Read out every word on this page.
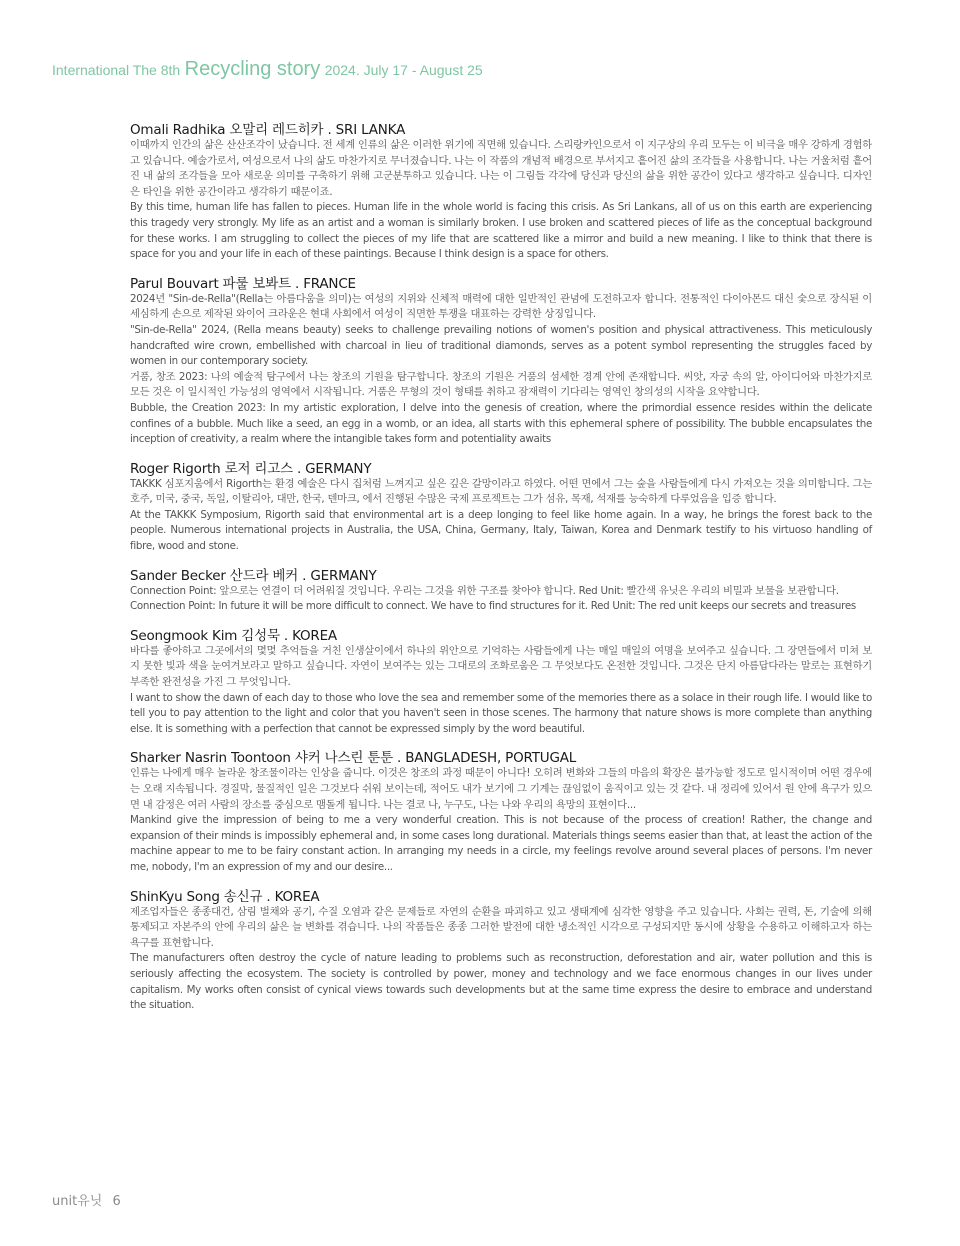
International The 8th Recycling story 2024. July 17 - August 25

Omali Radhika 오말리 레드히카 . SRI LANKA

이때까지 인간의 삶은 산산조각이 났습니다. 전 세계 인류의 삶은 이러한 위기에 직면해 있습니다. 스리랑카인으로서 이 지구상의 우리 모두는 이 비극을 매우 강하게 경험하고 있습니다. 예술가로서, 여성으로서 나의 삶도 마찬가지로 무너졌습니다. 나는 이 작품의 개념적 배경으로 부서지고 흩어진 삶의 조각들을 사용합니다. 나는 거울처럼 흩어진 내 삶의 조각들을 모아 새로운 의미를 구축하기 위해 고군분투하고 있습니다. 나는 이 그림들 각각에 당신과 당신의 삶을 위한 공간이 있다고 생각하고 싶습니다. 디자인은 타인을 위한 공간이라고 생각하기 때문이죠.

By this time, human life has fallen to pieces. Human life in the whole world is facing this crisis. As Sri Lankans, all of us on this earth are experiencing this tragedy very strongly. My life as an artist and a woman is similarly broken. I use broken and scattered pieces of life as the conceptual background for these works. I am struggling to collect the pieces of my life that are scattered like a mirror and build a new meaning. I like to think that there is space for you and your life in each of these paintings. Because I think design is a space for others.

Parul Bouvart 파룰 보봐트 . FRANCE

2024년 "Sin-de-Rella"(Rella는 아름다움을 의미)는 여성의 지위와 신체적 매력에 대한 일반적인 관념에 도전하고자 합니다. 전통적인 다이아몬드 대신 숯으로 장식된 이 세심하게 손으로 제작된 와이어 크라운은 현대 사회에서 여성이 직면한 투쟁을 대표하는 강력한 상징입니다.

"Sin-de-Rella" 2024, (Rella means beauty) seeks to challenge prevailing notions of women's position and physical attractiveness. This meticulously handcrafted wire crown, embellished with charcoal in lieu of traditional diamonds, serves as a potent symbol representing the struggles faced by women in our contemporary society.

거품, 창조 2023: 나의 예술적 탐구에서 나는 창조의 기원을 탐구합니다. 창조의 기원은 거품의 섬세한 경계 안에 존재합니다. 씨앗, 자궁 속의 알, 아이디어와 마찬가지로 모든 것은 이 일시적인 가능성의 영역에서 시작됩니다. 거품은 무형의 것이 형태를 취하고 잠재력이 기다리는 영역인 창의성의 시작을 요약합니다.

Bubble, the Creation 2023: In my artistic exploration, I delve into the genesis of creation, where the primordial essence resides within the delicate confines of a bubble. Much like a seed, an egg in a womb, or an idea, all starts with this ephemeral sphere of possibility. The bubble encapsulates the inception of creativity, a realm where the intangible takes form and potentiality awaits

Roger Rigorth 로저 리고스 . GERMANY

TAKKK 심포지움에서 Rigorth는 환경 예술은 다시 집처럼 느껴지고 싶은 깊은 갈망이라고 하였다. 어떤 면에서 그는 숲을 사람들에게 다시 가져오는 것을 의미합니다. 그는 호주, 미국, 중국, 독일, 이탈리아, 대만, 한국, 덴마크, 에서 진행된 수많은 국제 프로젝트는 그가 섬유, 목재, 석재를 능숙하게 다루었음을 입증 합니다.

At the TAKKK Symposium, Rigorth said that environmental art is a deep longing to feel like home again. In a way, he brings the forest back to the people. Numerous international projects in Australia, the USA, China, Germany, Italy, Taiwan, Korea and Denmark testify to his virtuoso handling of fibre, wood and stone.

Sander Becker 산드라 베커 . GERMANY

Connection Point: 앞으로는 연결이 더 어려워질 것입니다. 우리는 그것을 위한 구조를 찾아야 합니다. Red Unit: 빨간색 유닛은 우리의 비밀과 보물을 보관합니다.

Connection Point: In future it will be more difficult to connect. We have to find structures for it. Red Unit: The red unit keeps our secrets and treasures

Seongmook Kim 김성묵 . KOREA

바다를 좋아하고 그곳에서의 몇몇 추억들을 거친 인생살이에서 하나의 위안으로 기억하는 사람들에게 나는 매일 매일의 여명을 보여주고 싶습니다. 그 장면들에서 미쳐 보지 못한 빛과 색을 눈여겨보라고 말하고 싶습니다. 자연이 보여주는 있는 그대로의 조화로움은 그 무엇보다도 온전한 것입니다. 그것은 단지 아름답다라는 말로는 표현하기 부족한 완전성을 가진 그 무엇입니다.

I want to show the dawn of each day to those who love the sea and remember some of the memories there as a solace in their rough life. I would like to tell you to pay attention to the light and color that you haven't seen in those scenes. The harmony that nature shows is more complete than anything else. It is something with a perfection that cannot be expressed simply by the word beautiful.

Sharker Nasrin Toontoon 샤커 나스린 툰툰 . BANGLADESH, PORTUGAL

인류는 나에게 매우 놀라운 창조물이라는 인상을 줍니다. 이것은 창조의 과정 때문이 아니다! 오히려 변화와 그들의 마음의 확장은 불가능할 정도로 일시적이며 어떤 경우에는 오래 지속됩니다. 경질막, 물질적인 일은 그것보다 쉬워 보이는데, 적어도 내가 보기에 그 기계는 끊임없이 움직이고 있는 것 같다. 내 정리에 있어서 원 안에 욕구가 있으면 내 감정은 여러 사람의 장소를 중심으로 맴돌게 됩니다. 나는 결코 나, 누구도, 나는 나와 우리의 욕망의 표현이다...

Mankind give the impression of being to me a very wonderful creation. This is not because of the process of creation! Rather, the change and expansion of their minds is impossibly ephemeral and, in some cases long durational. Materials things seems easier than that, at least the action of the machine appear to me to be fairy constant action. In arranging my needs in a circle, my feelings revolve around several places of persons. I'm never me, nobody, I'm an expression of my and our desire...

ShinKyu Song 송신규 . KOREA

제조업자들은 종종대건, 삼림 벌채와 공기, 수질 오염과 같은 문제들로 자연의 순환을 파괴하고 있고 생태계에 심각한 영향을 주고 있습니다. 사회는 권력, 돈, 기술에 의해 통제되고 자본주의 안에 우리의 삶은 늘 변화를 겪습니다. 나의 작품들은 종종 그러한 발전에 대한 냉소적인 시각으로 구성되지만 동시에 상황을 수용하고 이해하고자 하는 욕구를 표현합니다.

The manufacturers often destroy the cycle of nature leading to problems such as reconstruction, deforestation and air, water pollution and this is seriously affecting the ecosystem. The society is controlled by power, money and technology and we face enormous changes in our lives under capitalism. My works often consist of cynical views towards such developments but at the same time express the desire to embrace and understand the situation.

unit유닛 6
